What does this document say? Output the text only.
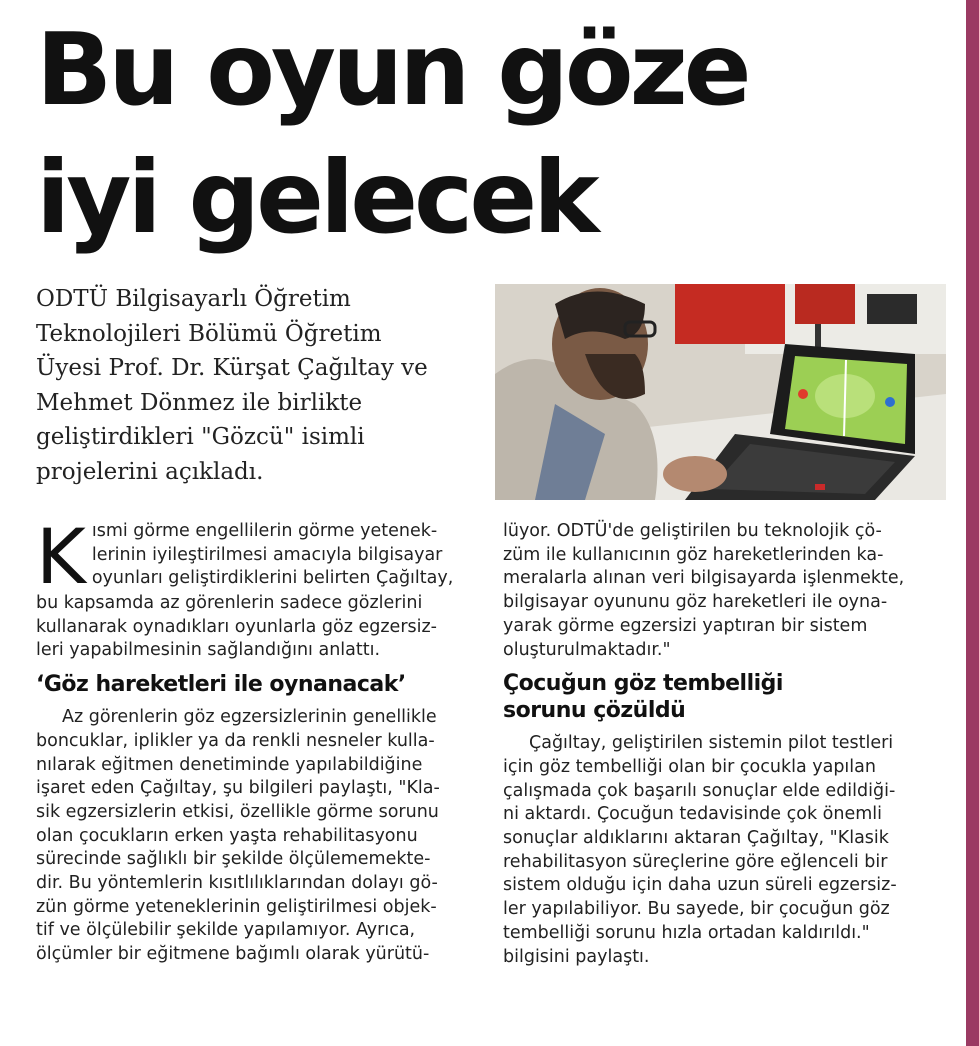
Bu oyun göze
iyi gelecek

ODTÜ Bilgisayarlı Öğretim
Teknolojileri Bölümü Öğretim
Üyesi Prof. Dr. Kürşat Çağıltay ve
Mehmet Dönmez ile birlikte
geliştirdikleri "Gözcü" isimli
projelerini açıkladı.

K ısmi görme engellilerin görme yetenek-
lerinin iyileştirilmesi amacıyla bilgisayar
oyunları geliştirdiklerini belirten Çağıltay,
bu kapsamda az görenlerin sadece gözlerini
kullanarak oynadıkları oyunlarla göz egzersiz-
leri yapabilmesinin sağlandığını anlattı.
‘Göz hareketleri ile oynanacak’
Az görenlerin göz egzersizlerinin genellikle
boncuklar, iplikler ya da renkli nesneler kulla-
nılarak eğitmen denetiminde yapılabildiğine
işaret eden Çağıltay, şu bilgileri paylaştı, "Kla-
sik egzersizlerin etkisi, özellikle görme sorunu
olan çocukların erken yaşta rehabilitasyonu
sürecinde sağlıklı bir şekilde ölçülememekte-
dir. Bu yöntemlerin kısıtlılıklarından dolayı gö-
zün görme yeteneklerinin geliştirilmesi objek-
tif ve ölçülebilir şekilde yapılamıyor. Ayrıca,
ölçümler bir eğitmene bağımlı olarak yürütü-
lüyor. ODTÜ'de geliştirilen bu teknolojik çö-
züm ile kullanıcının göz hareketlerinden ka-
meralarla alınan veri bilgisayarda işlenmekte,
bilgisayar oyununu göz hareketleri ile oyna-
yarak görme egzersizi yaptıran bir sistem
oluşturulmaktadır."
Çocuğun göz tembelliği
sorunu çözüldü
Çağıltay, geliştirilen sistemin pilot testleri
için göz tembelliği olan bir çocukla yapılan
çalışmada çok başarılı sonuçlar elde edildiği-
ni aktardı. Çocuğun tedavisinde çok önemli
sonuçlar aldıklarını aktaran Çağıltay, "Klasik
rehabilitasyon süreçlerine göre eğlenceli bir
sistem olduğu için daha uzun süreli egzersiz-
ler yapılabiliyor. Bu sayede, bir çocuğun göz
tembelliği sorunu hızla ortadan kaldırıldı."
bilgisini paylaştı.
